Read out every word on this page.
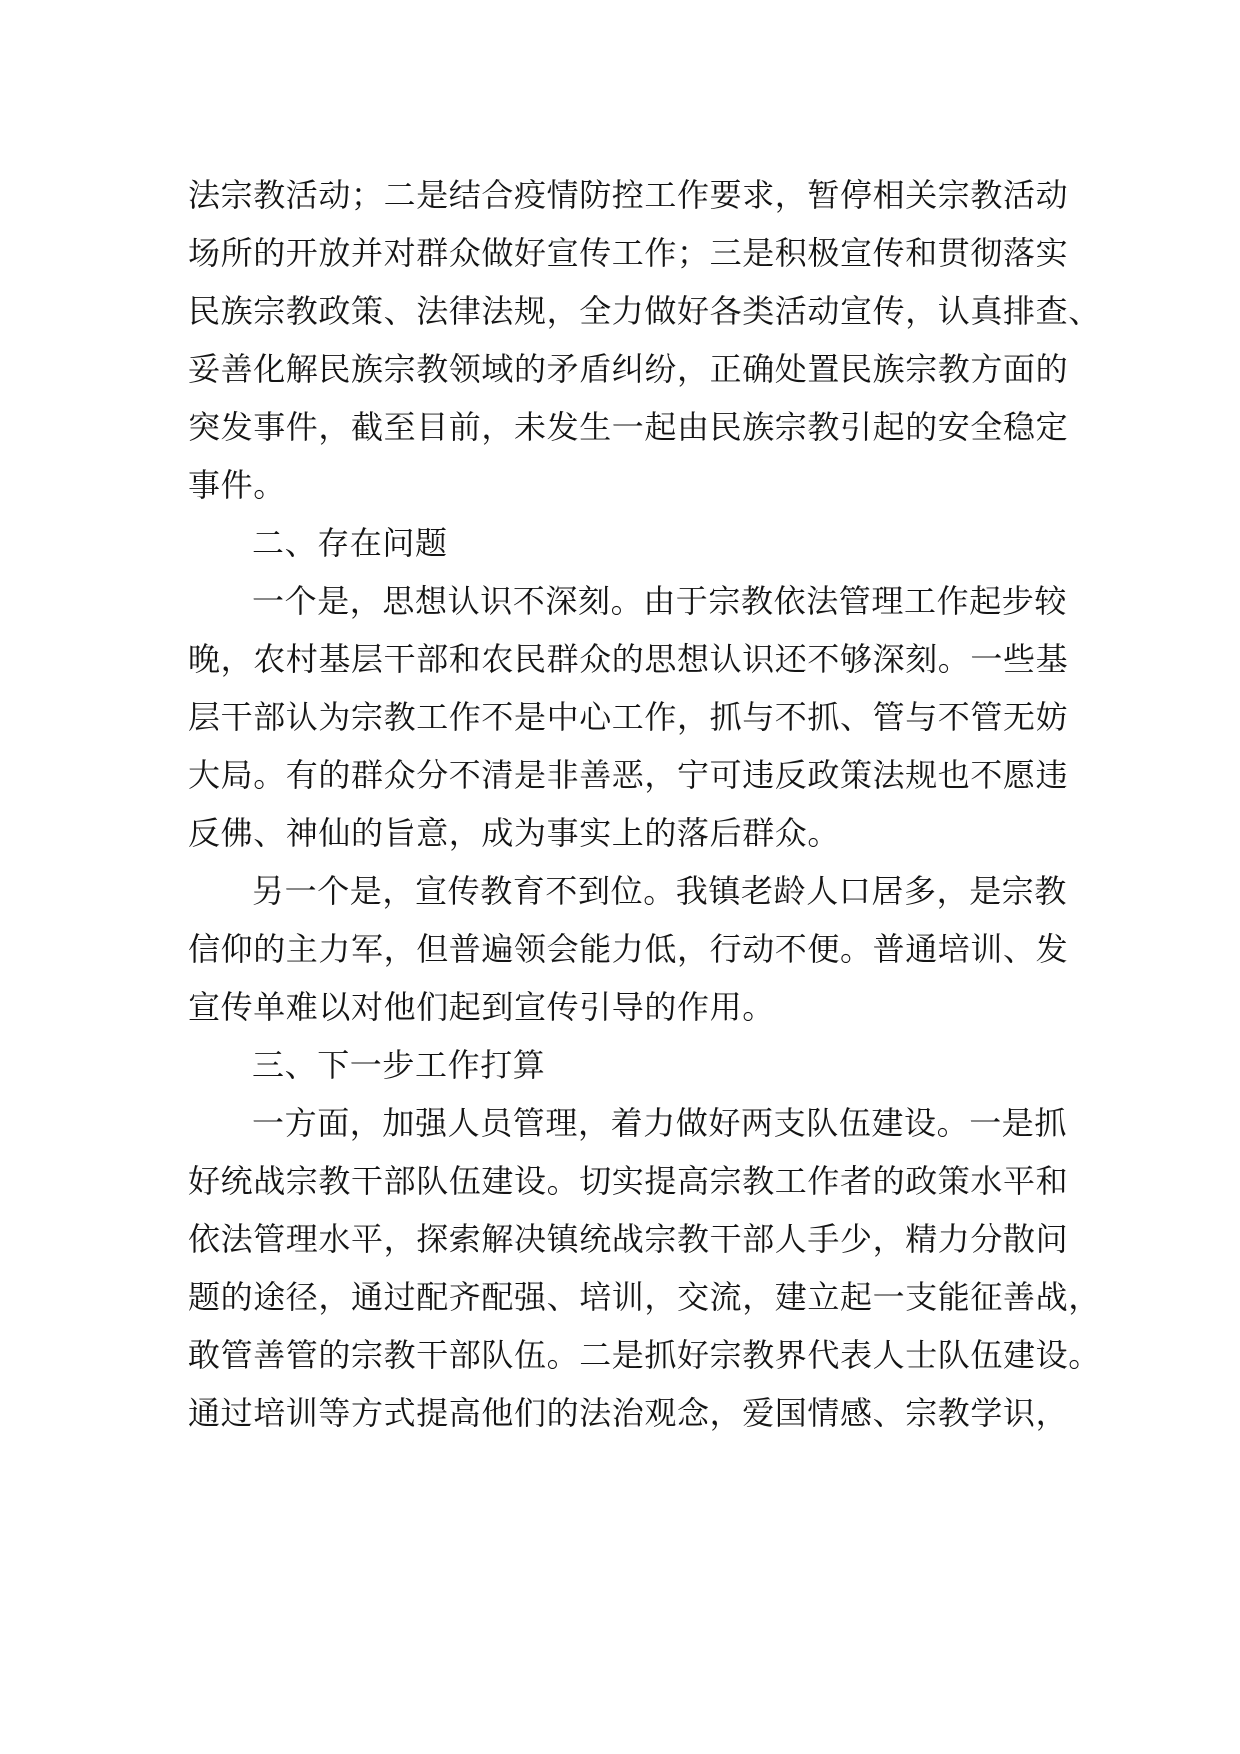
法宗教活动；二是结合疫情防控工作要求，暂停相关宗教活动
场所的开放并对群众做好宣传工作；三是积极宣传和贯彻落实
民族宗教政策、法律法规，全力做好各类活动宣传，认真排查、
妥善化解民族宗教领域的矛盾纠纷，正确处置民族宗教方面的
突发事件，截至目前，未发生一起由民族宗教引起的安全稳定
事件。
二、存在问题
一个是，思想认识不深刻。由于宗教依法管理工作起步较
晚，农村基层干部和农民群众的思想认识还不够深刻。一些基
层干部认为宗教工作不是中心工作，抓与不抓、管与不管无妨
大局。有的群众分不清是非善恶，宁可违反政策法规也不愿违
反佛、神仙的旨意，成为事实上的落后群众。
另一个是，宣传教育不到位。我镇老龄人口居多，是宗教
信仰的主力军，但普遍领会能力低，行动不便。普通培训、发
宣传单难以对他们起到宣传引导的作用。
三、下一步工作打算
一方面，加强人员管理，着力做好两支队伍建设。一是抓
好统战宗教干部队伍建设。切实提高宗教工作者的政策水平和
依法管理水平，探索解决镇统战宗教干部人手少，精力分散问
题的途径，通过配齐配强、培训，交流，建立起一支能征善战，
敢管善管的宗教干部队伍。二是抓好宗教界代表人士队伍建设。
通过培训等方式提高他们的法治观念，爱国情感、宗教学识，
